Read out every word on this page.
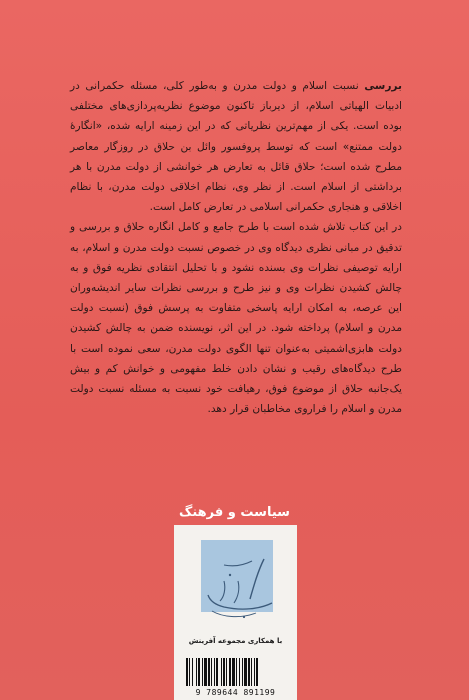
بررسی نسبت اسلام و دولت مدرن و به‌طور کلی، مسئله حکمرانی در ادبیات الهیاتی اسلام، از دیرباز تاکنون موضوع نظریه‌پردازی‌های مختلفی بوده است. یکی از مهم‌ترین نظریاتی که در این زمینه ارایه شده، «انگارهٔ دولت ممتنع» است که توسط پروفسور وائل بن حلاق در روزگار معاصر مطرح شده است؛ حلاق قائل به تعارض هر خوانشی از دولت مدرن با هر برداشتی از اسلام است. از نظر وی، نظام اخلاقی دولت مدرن، با نظام اخلاقی و هنجاری حکمرانی اسلامی در تعارض کامل است.

در این کتاب تلاش شده است با طرح جامع و کامل انگاره حلاق و بررسی و تدقیق در مبانی نظری دیدگاه وی در خصوص نسبت دولت مدرن و اسلام، به ارایه توصیفی نظرات وی بسنده نشود و با تحلیل انتقادی نظریه فوق و به چالش کشیدن نظرات وی و نیز طرح و بررسی نظرات سایر اندیشه‌وران این عرصه، به امکان ارایه پاسخی متفاوت به پرسش فوق (نسبت دولت مدرن و اسلام) پرداخته شود. در این اثر، نویسنده ضمن به چالش کشیدن دولت هابزی‌اشمیتی به‌عنوان تنها الگوی دولت مدرن، سعی نموده است با طرح دیدگاه‌های رقیب و نشان دادن خلط مفهومی و خوانش کم و بیش یک‌جانبه حلاق از موضوع فوق، رهیافت خود نسبت به مسئله نسبت دولت مدرن و اسلام را فراروی مخاطبان قرار دهد.

سیاست و فرهنگ
با همکاری مجموعه آفرینش
9 789644 891199
